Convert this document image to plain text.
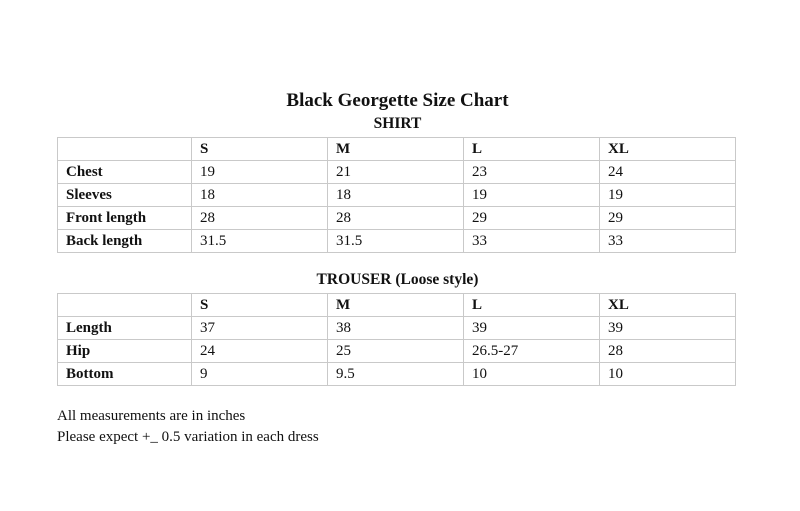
Black Georgette Size Chart
SHIRT
	S	M	L	XL
Chest	19	21	23	24
Sleeves	18	18	19	19
Front length	28	28	29	29
Back length	31.5	31.5	33	33
TROUSER (Loose style)
	S	M	L	XL
Length	37	38	39	39
Hip	24	25	26.5-27	28
Bottom	9	9.5	10	10
All measurements are in inches
Please expect +_ 0.5 variation in each dress
